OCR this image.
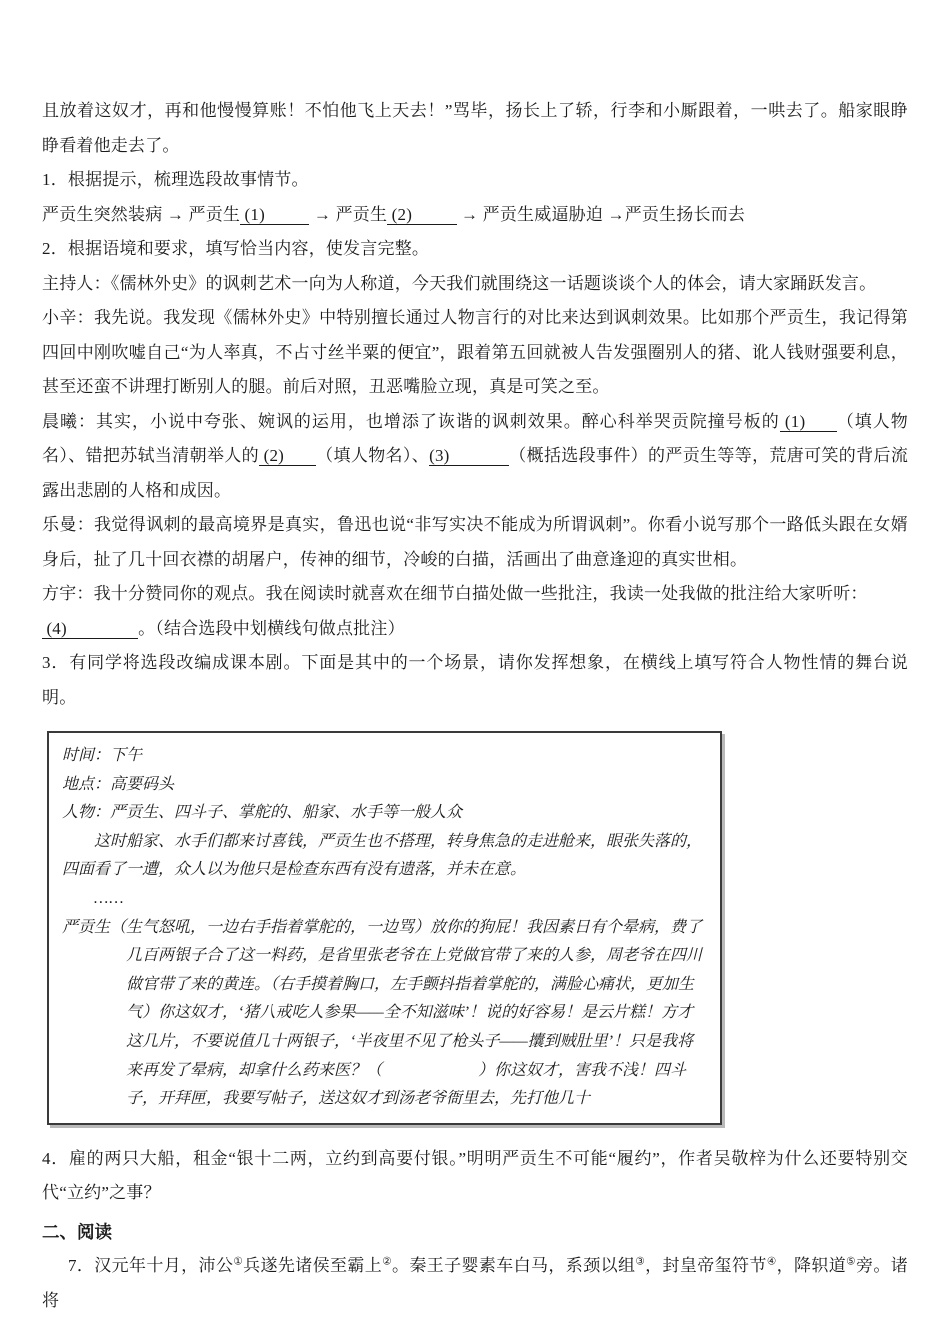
且放着这奴才，再和他慢慢算账！不怕他飞上天去！”骂毕，扬长上了轿，行李和小厮跟着，一哄去了。船家眼睁睁看着他走去了。

1．根据提示，梳理选段故事情节。

严贡生突然装病 → 严贡生 (1)           → 严贡生 (2)           → 严贡生威逼胁迫 →严贡生扬长而去

2．根据语境和要求，填写恰当内容，使发言完整。

主持人：《儒林外史》的讽刺艺术一向为人称道，今天我们就围绕这一话题谈谈个人的体会，请大家踊跃发言。

小辛：我先说。我发现《儒林外史》中特别擅长通过人物言行的对比来达到讽刺效果。比如那个严贡生，我记得第四回中刚吹嘘自己“为人率真，不占寸丝半粟的便宜”，跟着第五回就被人告发强圈别人的猪、讹人钱财强要利息，甚至还蛮不讲理打断别人的腿。前后对照，丑恶嘴脸立现，真是可笑之至。

晨曦：其实，小说中夸张、婉讽的运用，也增添了诙谐的讽刺效果。醉心科举哭贡院撞号板的 (1)      （填人物名）、错把苏轼当清朝举人的 (2)       （填人物名）、(3)             （概括选段事件）的严贡生等等，荒唐可笑的背后流露出悲剧的人格和成因。

乐曼：我觉得讽刺的最高境界是真实，鲁迅也说“非写实决不能成为所谓讽刺”。你看小说写那个一路低头跟在女婿身后，扯了几十回衣襟的胡屠户，传神的细节，冷峻的白描，活画出了曲意逢迎的真实世相。

方宇：我十分赞同你的观点。我在阅读时就喜欢在细节白描处做一些批注，我读一处我做的批注给大家听听：

(4)                。（结合选段中划横线句做点批注）

3．有同学将选段改编成课本剧。下面是其中的一个场景，请你发挥想象，在横线上填写符合人物性情的舞台说明。

时间：下午

地点：高要码头

人物：严贡生、四斗子、掌舵的、船家、水手等一般人众

这时船家、水手们都来讨喜钱，严贡生也不搭理，转身焦急的走进舱来，眼张失落的，四面看了一遭，众人以为他只是检查东西有没有遗落，并未在意。

……

严贡生（生气怒吼，一边右手指着掌舵的，一边骂）放你的狗屁！我因素日有个晕病，费了几百两银子合了这一料药，是省里张老爷在上党做官带了来的人参，周老爷在四川做官带了来的黄连。（右手摸着胸口，左手颤抖指着掌舵的，满脸心痛状，更加生气）你这奴才，‘猪八戒吃人参果——全不知滋味’！说的好容易！是云片糕！方才这几片，不要说值几十两银子，‘半夜里不见了枪头子——攮到贼肚里’！只是我将来再发了晕病，却拿什么药来医？（　　　　　　）你这奴才，害我不浅！四斗子，开拜匣，我要写帖子，送这奴才到汤老爷衙里去，先打他几十

4．雇的两只大船，租金“银十二两，立约到高要付银。”明明严贡生不可能“履约”，作者吴敬梓为什么还要特别交代“立约”之事？

二、阅读

7．汉元年十月，沛公①兵遂先诸侯至霸上②。秦王子婴素车白马，系颈以组③，封皇帝玺符节④，降轵道⑤旁。诸将
